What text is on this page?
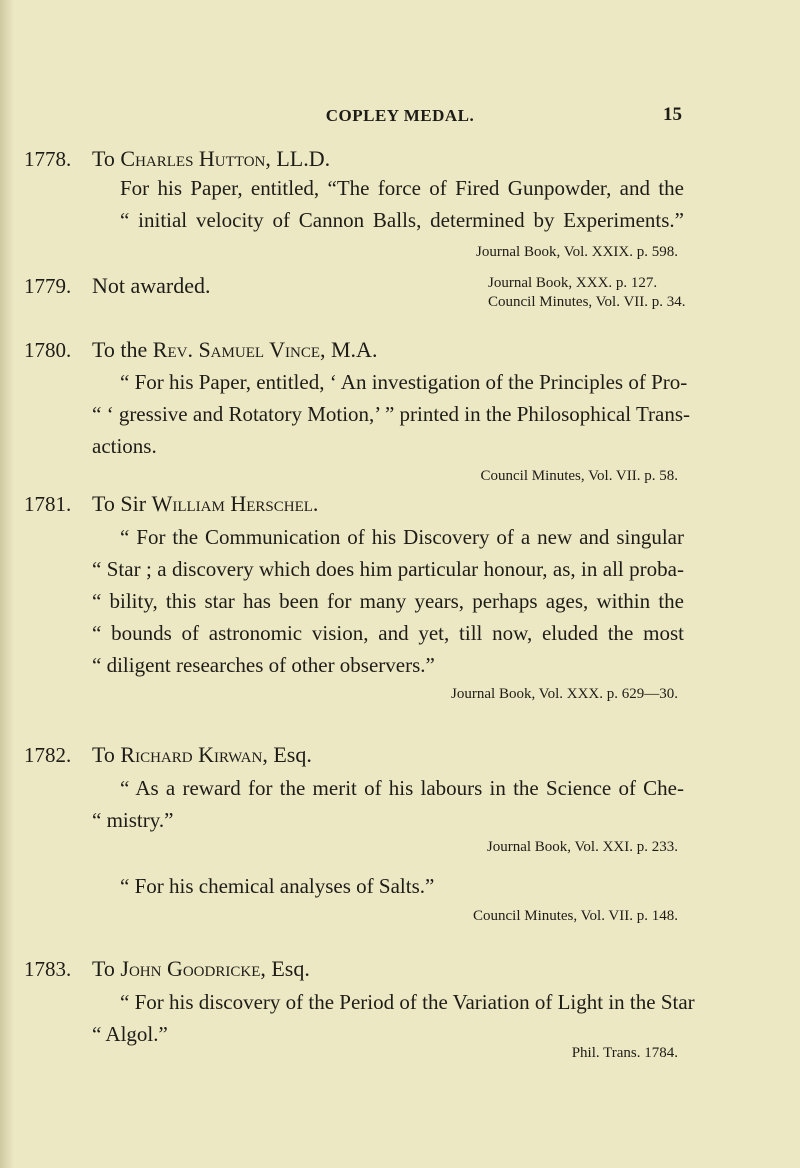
COPLEY MEDAL.	15
1778. To Charles Hutton, LL.D.
For his Paper, entitled, “The force of Fired Gunpowder, and the
“ initial velocity of Cannon Balls, determined by Experiments.”
Journal Book, Vol. XXIX. p. 598.
1779. Not awarded.	Journal Book, XXX. p. 127.
Council Minutes, Vol. VII. p. 34.
1780. To the Rev. Samuel Vince, M.A.
“ For his Paper, entitled, ‘ An investigation of the Principles of Pro-
“ ‘ gressive and Rotatory Motion,’ ” printed in the Philosophical Trans-
actions.
Council Minutes, Vol. VII. p. 58.
1781. To Sir William Herschel.
“ For the Communication of his Discovery of a new and singular
“ Star ; a discovery which does him particular honour, as, in all proba-
“ bility, this star has been for many years, perhaps ages, within the
“ bounds of astronomic vision, and yet, till now, eluded the most
“ diligent researches of other observers.”
Journal Book, Vol. XXX. p. 629—30.
1782. To Richard Kirwan, Esq.
“ As a reward for the merit of his labours in the Science of Che-
“ mistry.”
Journal Book, Vol. XXI. p. 233.
“ For his chemical analyses of Salts.”
Council Minutes, Vol. VII. p. 148.
1783. To John Goodricke, Esq.
“ For his discovery of the Period of the Variation of Light in the Star
“ Algol.”
Phil. Trans. 1784.
